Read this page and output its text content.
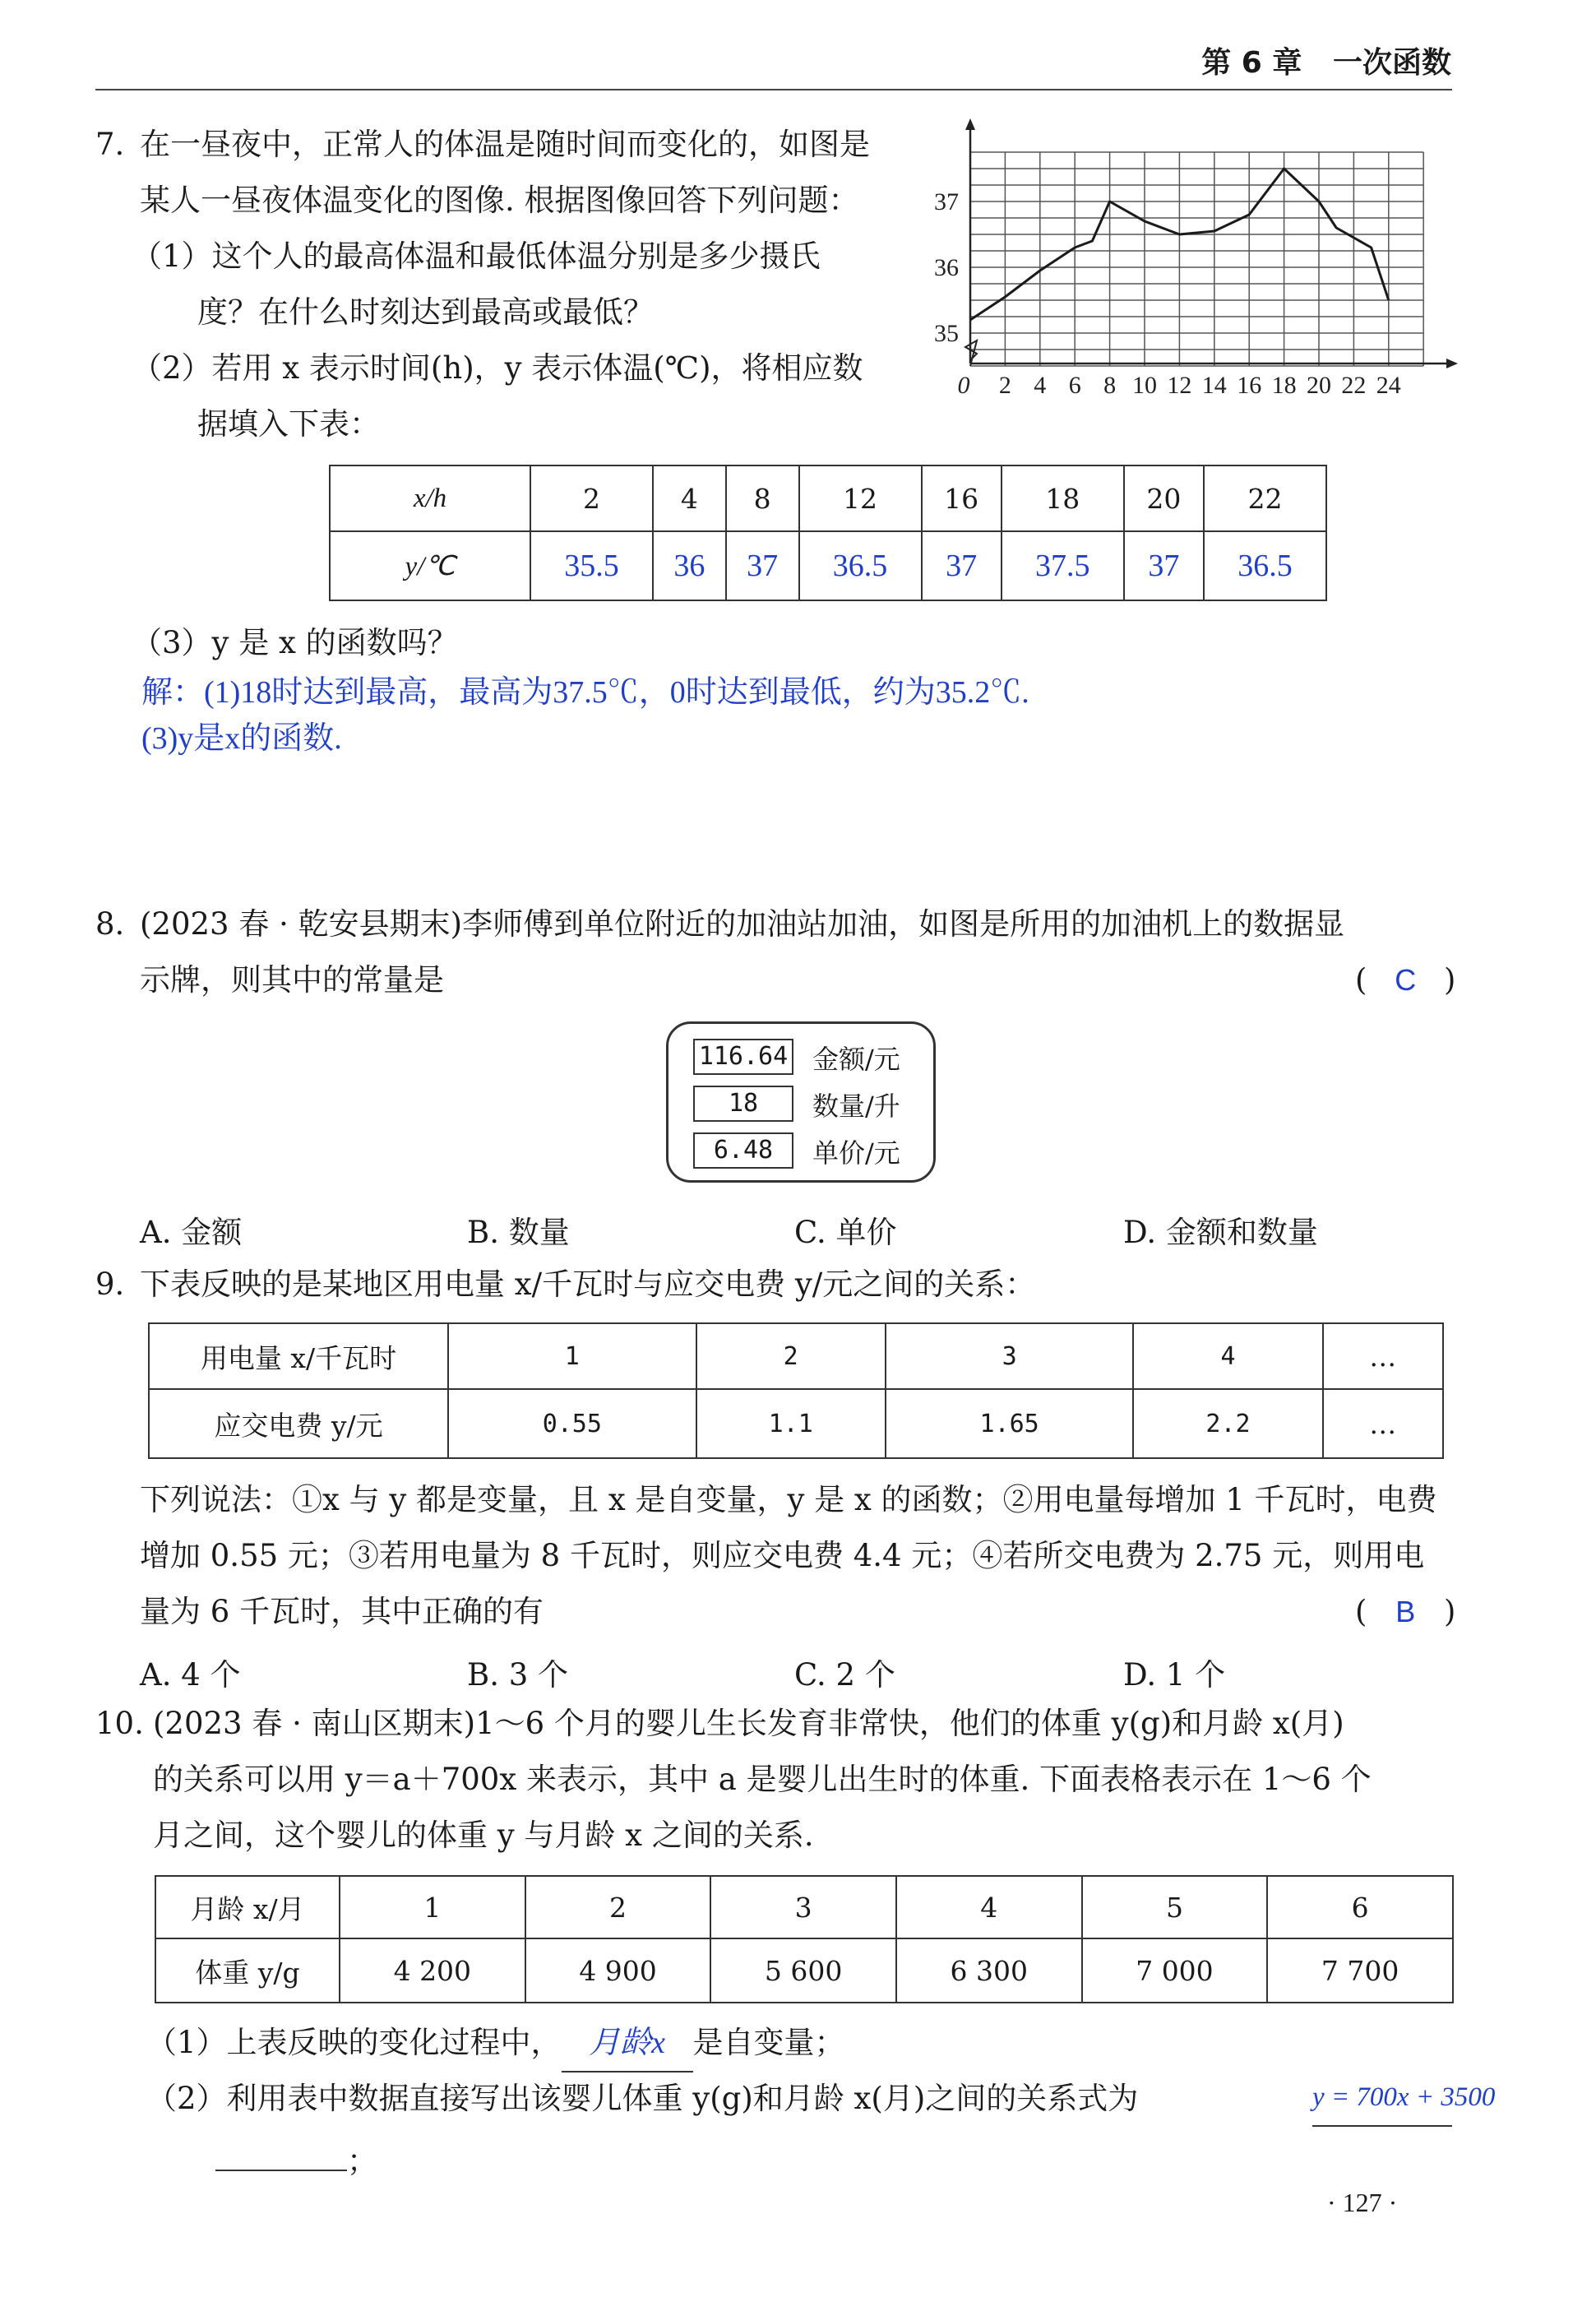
第 6 章 一次函数
7. 在一昼夜中，正常人的体温是随时间而变化的，如图是
某人一昼夜体温变化的图像. 根据图像回答下列问题：
（1）这个人的最高体温和最低体温分别是多少摄氏
度？在什么时刻达到最高或最低？
（2）若用 x 表示时间(h)，y 表示体温(℃)，将相应数
据填入下表：
0 2 4 6 8 10 12 14 16 18 20 22 24
35
36
37
x/h	2	4	8	12	16	18	20	22
y/℃	35.5	36	37	36.5	37	37.5	37	36.5
（3）y 是 x 的函数吗？
解：(1)18时达到最高，最高为37.5℃，0时达到最低，约为35.2℃.
(3)y是x的函数.
8. (2023 春 · 乾安县期末)李师傅到单位附近的加油站加油，如图是所用的加油机上的数据显
示牌，则其中的常量是	( C )
116.64 金额/元
18	数量/升
6.48	单价/元
A. 金额	B. 数量	C. 单价	D. 金额和数量
9. 下表反映的是某地区用电量 x/千瓦时与应交电费 y/元之间的关系：
用电量 x/千瓦时	1	2	3	4	…
应交电费 y/元	0.55	1.1	1.65	2.2	…
下列说法：①x 与 y 都是变量，且 x 是自变量，y 是 x 的函数；②用电量每增加 1 千瓦时，电费
增加 0.55 元；③若用电量为 8 千瓦时，则应交电费 4.4 元；④若所交电费为 2.75 元，则用电
量为 6 千瓦时，其中正确的有	( B )
A. 4 个	B. 3 个	C. 2 个	D. 1 个
10. (2023 春 · 南山区期末)1～6 个月的婴儿生长发育非常快，他们的体重 y(g)和月龄 x(月)
的关系可以用 y＝a＋700x 来表示，其中 a 是婴儿出生时的体重. 下面表格表示在 1～6 个
月之间，这个婴儿的体重 y 与月龄 x 之间的关系.
月龄 x/月	1	2	3	4	5	6
体重 y/g	4 200	4 900	5 600	6 300	7 000	7 700
（1）上表反映的变化过程中， 月龄x 是自变量；
（2）利用表中数据直接写出该婴儿体重 y(g)和月龄 x(月)之间的关系式为	y = 700x + 3500
；
· 127 ·
